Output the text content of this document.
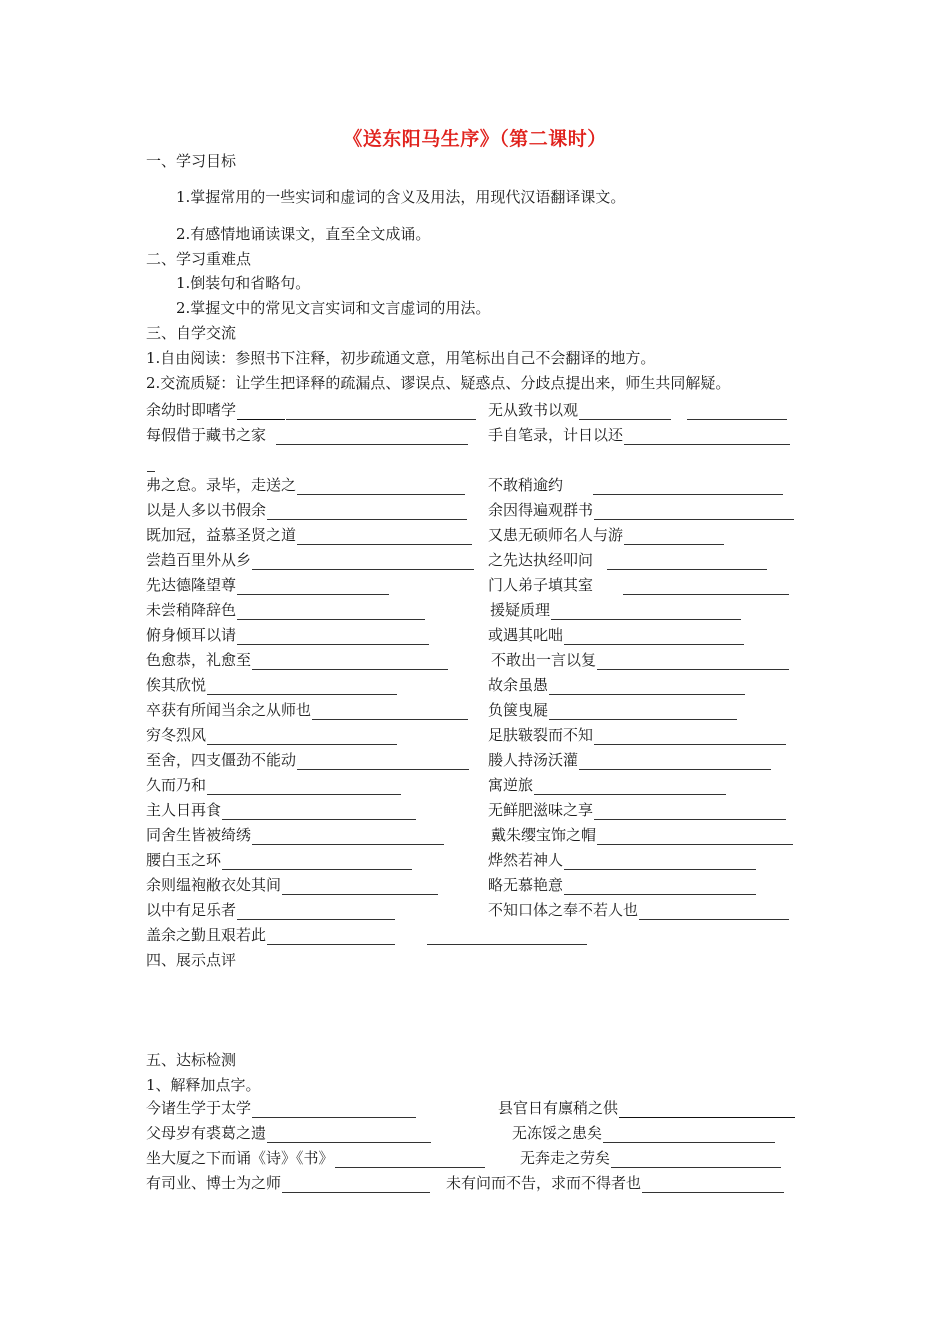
《送东阳马生序》（第二课时）
一、学习目标
1.掌握常用的一些实词和虚词的含义及用法，用现代汉语翻译课文。
2.有感情地诵读课文，直至全文成诵。
二、学习重难点
1.倒装句和省略句。
2.掌握文中的常见文言实词和文言虚词的用法。
三、自学交流
1.自由阅读：参照书下注释，初步疏通文意，用笔标出自己不会翻译的地方。
2.交流质疑：让学生把译释的疏漏点、谬误点、疑惑点、分歧点提出来，师生共同解疑。
余幼时即嗜学	无从致书以观
每假借于藏书之家	手自笔录，计日以还
弗之怠。录毕，走送之	不敢稍逾约
以是人多以书假余	余因得遍观群书
既加冠，益慕圣贤之道	又患无硕师名人与游
尝趋百里外从乡	之先达执经叩问
先达德隆望尊	门人弟子填其室
未尝稍降辞色	援疑质理
俯身倾耳以请	或遇其叱咄
色愈恭，礼愈至	不敢出一言以复
俟其欣悦	故余虽愚
卒获有所闻当余之从师也	负箧曳屣
穷冬烈风	足肤皲裂而不知
至舍，四支僵劲不能动	媵人持汤沃灌
久而乃和	寓逆旅
主人日再食	无鲜肥滋味之享
同舍生皆被绮绣	戴朱缨宝饰之帽
腰白玉之环	烨然若神人
余则缊袍敝衣处其间	略无慕艳意
以中有足乐者	不知口体之奉不若人也
盖余之勤且艰若此
四、展示点评
五、达标检测
1、解释加点字。
今诸生学于太学	县官日有廪稍之供
父母岁有裘葛之遗	无冻馁之患矣
坐大厦之下而诵《诗》《书》	无奔走之劳矣
有司业、博士为之师	未有问而不告，求而不得者也
